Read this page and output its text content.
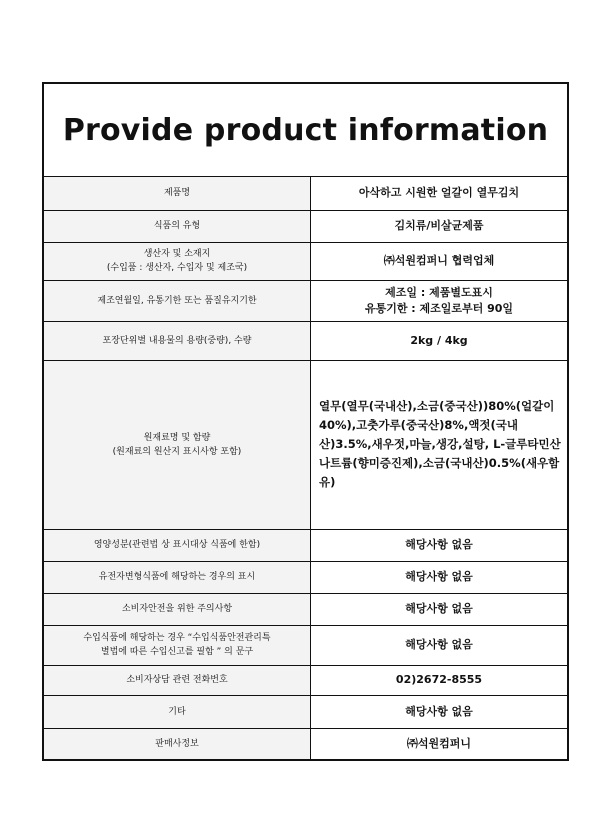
Provide product information
제품명	아삭하고 시원한 얼갈이 열무김치
식품의 유형	김치류/비살균제품

생산자 및 소재지
(수입품 : 생산자, 수입자 및 제조국)	㈜석원컴퍼니 협력업체
제조연월일, 유통기한 또는 품질유지기한	제조일 : 제품별도표시
유통기한 : 제조일로부터 90일

포장단위별 내용물의 용량(중량), 수량	2kg / 4kg

원재료명 및 함량
(원재료의 원산지 표시사항 포함)	열무(열무(국내산),소금(중국산))80%(얼갈이40%),고춧가루(중국산)8%,액젓(국내산)3.5%,새우젓,마늘,생강,설탕, L-글루타민산나트륨(향미증진제),소금(국내산)0.5%(새우함유)
영양성분(관련법 상 표시대상 식품에 한함)	해당사항 없음
유전자변형식품에 해당하는 경우의 표시	해당사항 없음
소비자안전을 위한 주의사항	해당사항 없음

수입식품에 해당하는 경우 “수입식품안전관리특
별법에 따른 수입신고를 필함 ” 의 문구	해당사항 없음
소비자상담 관련 전화번호	02)2672-8555
기타	해당사항 없음
판매사정보	㈜석원컴퍼니
